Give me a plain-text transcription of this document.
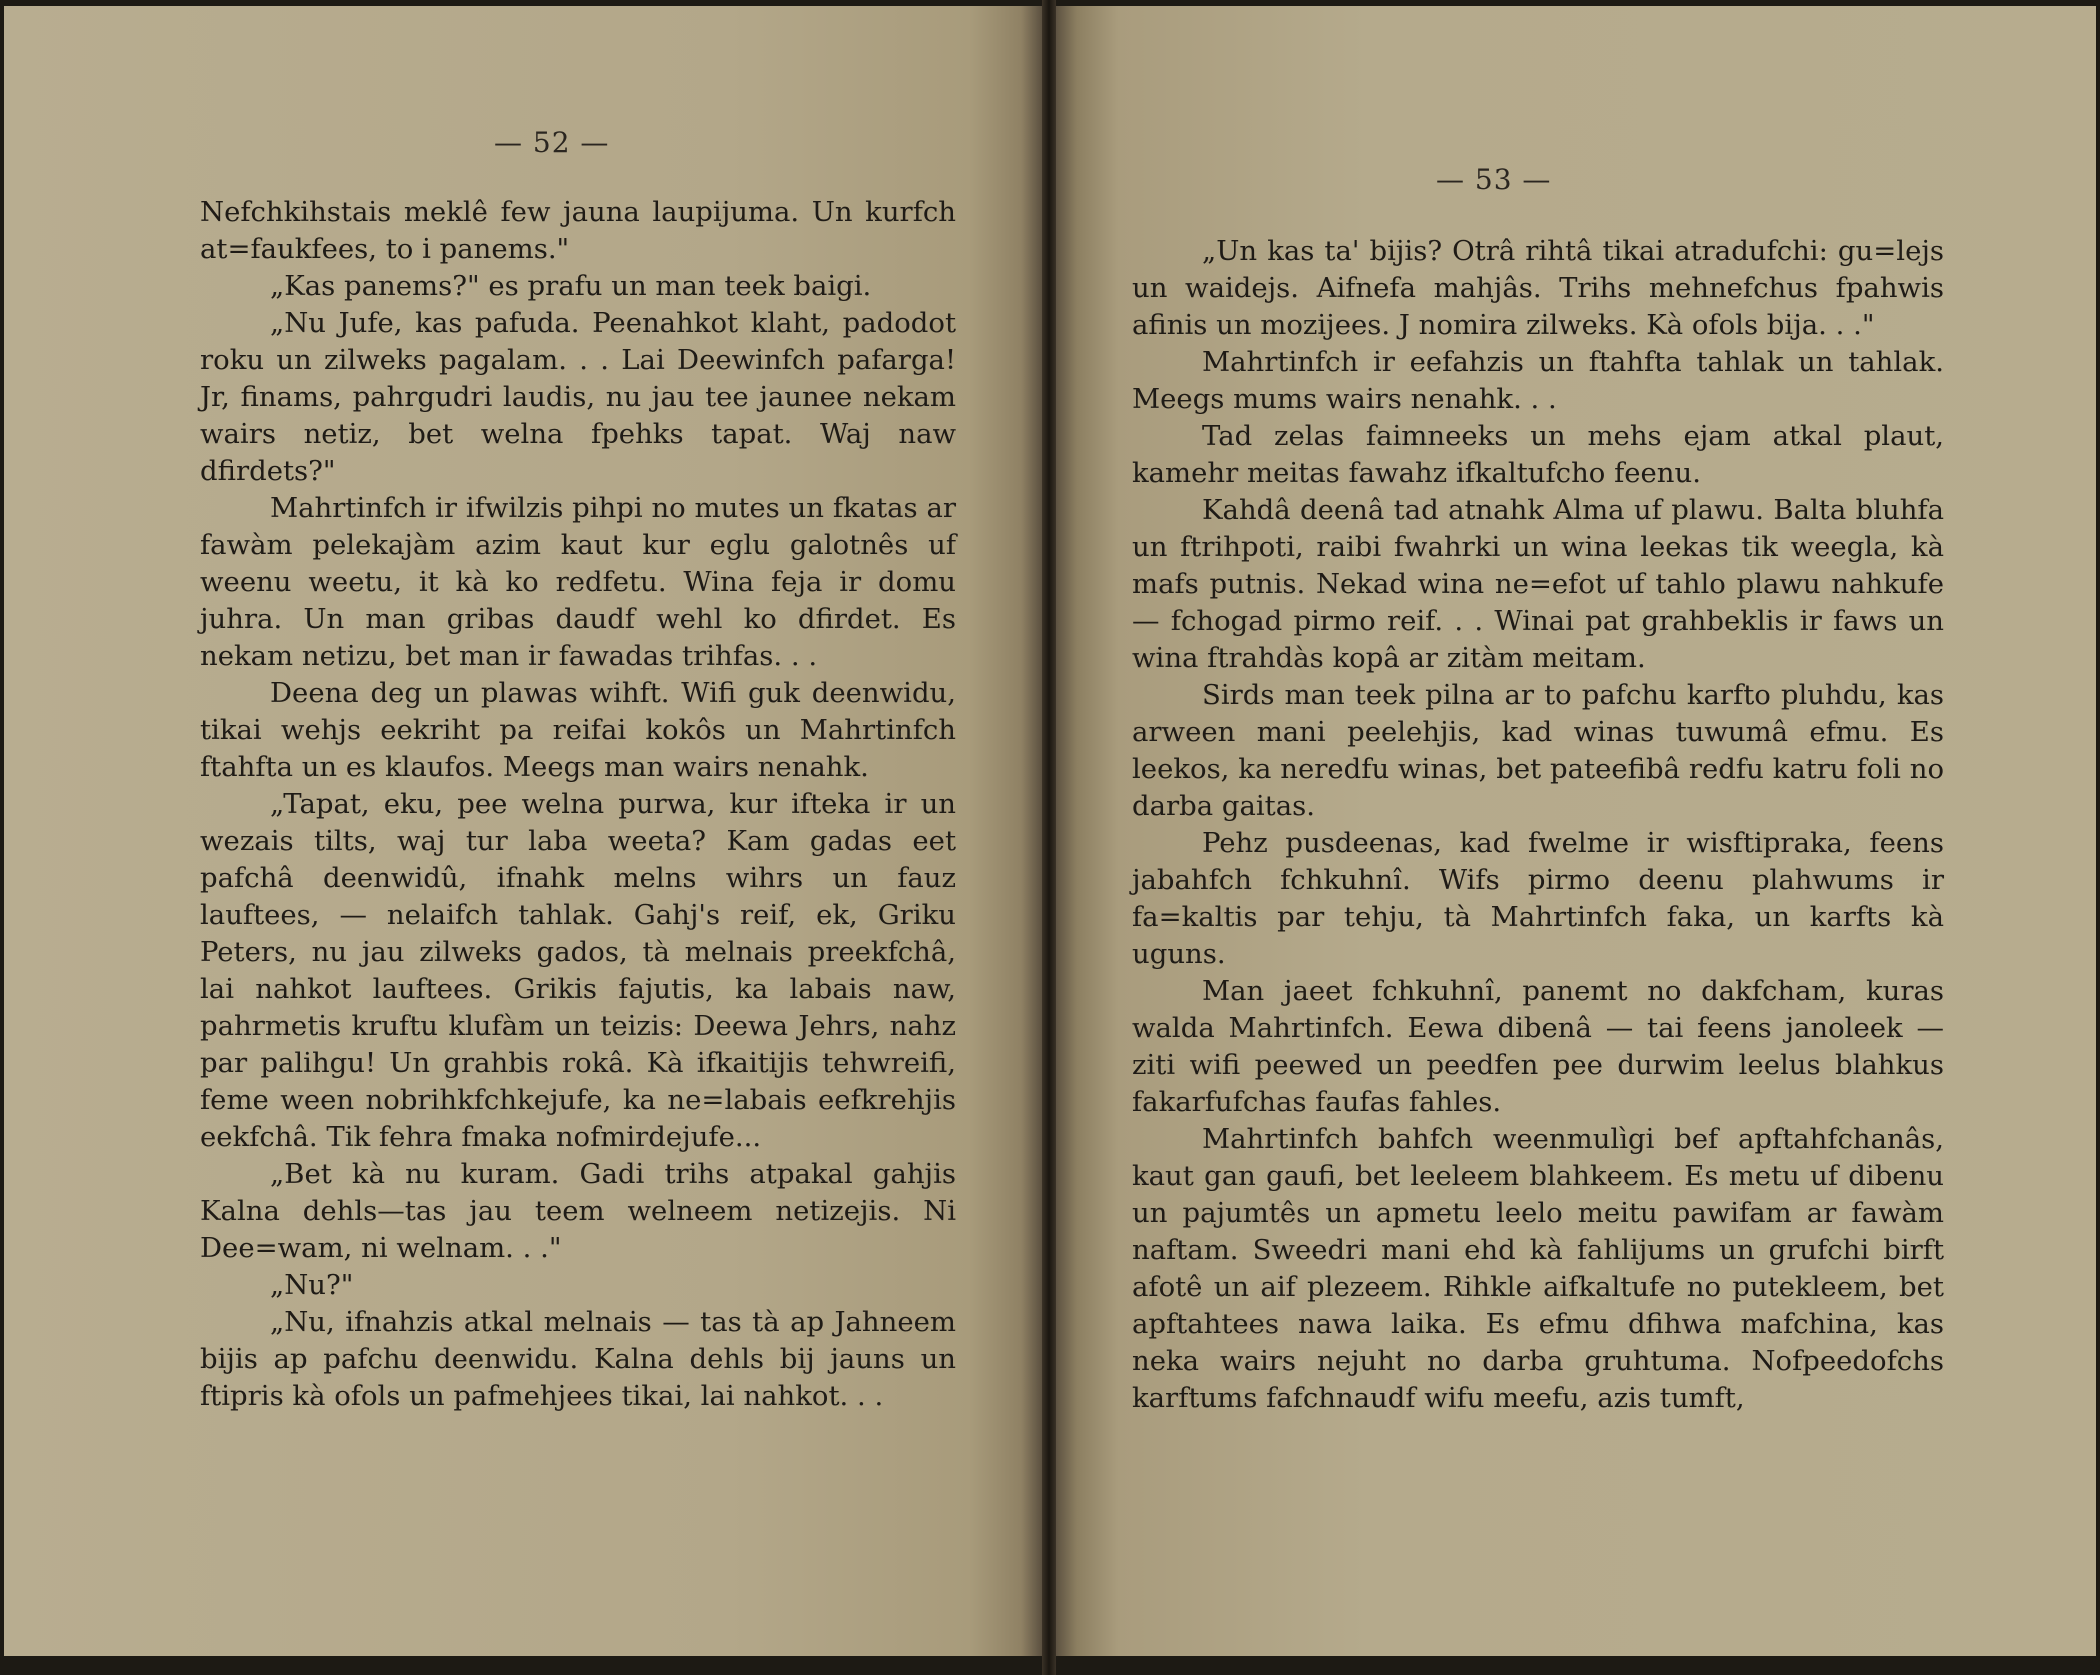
— 52 —

Nefchkihstais meklê few jauna laupijuma. Un kurfch at=faukfees, to i panems."

„Kas panems?" es prafu un man teek baigi.

„Nu Jufe, kas pafuda. Peenahkot klaht, padodot roku un zilweks pagalam. . . Lai Deewinfch pafarga! Jr, finams, pahrgudri laudis, nu jau tee jaunee nekam wairs netiz, bet welna fpehks tapat. Waj naw dfirdets?"

Mahrtinfch ir ifwilzis pihpi no mutes un fkatas ar fawàm pelekajàm azim kaut kur eglu galotnês uf weenu weetu, it kà ko redfetu. Wina feja ir domu juhra. Un man gribas daudf wehl ko dfirdet. Es nekam netizu, bet man ir fawadas trihfas. . .

Deena deg un plawas wihft. Wifi guk deenwidu, tikai wehjs eekriht pa reifai kokôs un Mahrtinfch ftahfta un es klaufos. Meegs man wairs nenahk.

„Tapat, eku, pee welna purwa, kur ifteka ir un wezais tilts, waj tur laba weeta? Kam gadas eet pafchâ deenwidû, ifnahk melns wihrs un fauz lauftees, — nelaifch tahlak. Gahj's reif, ek, Griku Peters, nu jau zilweks gados, tà melnais preekfchâ, lai nahkot lauftees. Grikis fajutis, ka labais naw, pahrmetis kruftu klufàm un teizis: Deewa Jehrs, nahz par palihgu! Un grahbis rokâ. Kà ifkaitijis tehwreifi, feme ween nobrihkfchkejufe, ka ne=labais eefkrehjis eekfchâ. Tik fehra fmaka nofmirdejufe...

„Bet kà nu kuram. Gadi trihs atpakal gahjis Kalna dehls—tas jau teem welneem netizejis. Ni Dee=wam, ni welnam. . ."

„Nu?"

„Nu, ifnahzis atkal melnais — tas tà ap Jahneem bijis ap pafchu deenwidu. Kalna dehls bij jauns un ftipris kà ofols un pafmehjees tikai, lai nahkot. . .

— 53 —

„Un kas ta' bijis? Otrâ rihtâ tikai atradufchi: gu=lejs un waidejs. Aifnefa mahjâs. Trihs mehnefchus fpahwis afinis un mozijees. J nomira zilweks. Kà ofols bija. . ."

Mahrtinfch ir eefahzis un ftahfta tahlak un tahlak. Meegs mums wairs nenahk. . .

Tad zelas faimneeks un mehs ejam atkal plaut, kamehr meitas fawahz ifkaltufcho feenu.

Kahdâ deenâ tad atnahk Alma uf plawu. Balta bluhfa un ftrihpoti, raibi fwahrki un wina leekas tik weegla, kà mafs putnis. Nekad wina ne=efot uf tahlo plawu nahkufe — fchogad pirmo reif. . . Winai pat grahbeklis ir faws un wina ftrahdàs kopâ ar zitàm meitam.

Sirds man teek pilna ar to pafchu karfto pluhdu, kas arween mani peelehjis, kad winas tuwumâ efmu. Es leekos, ka neredfu winas, bet pateefibâ redfu katru foli no darba gaitas.

Pehz pusdeenas, kad fwelme ir wisftipraka, feens jabahfch fchkuhnî. Wifs pirmo deenu plahwums ir fa=kaltis par tehju, tà Mahrtinfch faka, un karfts kà uguns.

Man jaeet fchkuhnî, panemt no dakfcham, kuras walda Mahrtinfch. Eewa dibenâ — tai feens janoleek — ziti wifi peewed un peedfen pee durwim leelus blahkus fakarfufchas faufas fahles.

Mahrtinfch bahfch weenmulìgi bef apftahfchanâs, kaut gan gaufi, bet leeleem blahkeem. Es metu uf dibenu un pajumtês un apmetu leelo meitu pawifam ar fawàm naftam. Sweedri mani ehd kà fahlijums un grufchi birft afotê un aif plezeem. Rihkle aifkaltufe no putekleem, bet apftahtees nawa laika. Es efmu dfihwa mafchina, kas neka wairs nejuht no darba gruhtuma. Nofpeedofchs karftums fafchnaudf wifu meefu, azis tumft,
